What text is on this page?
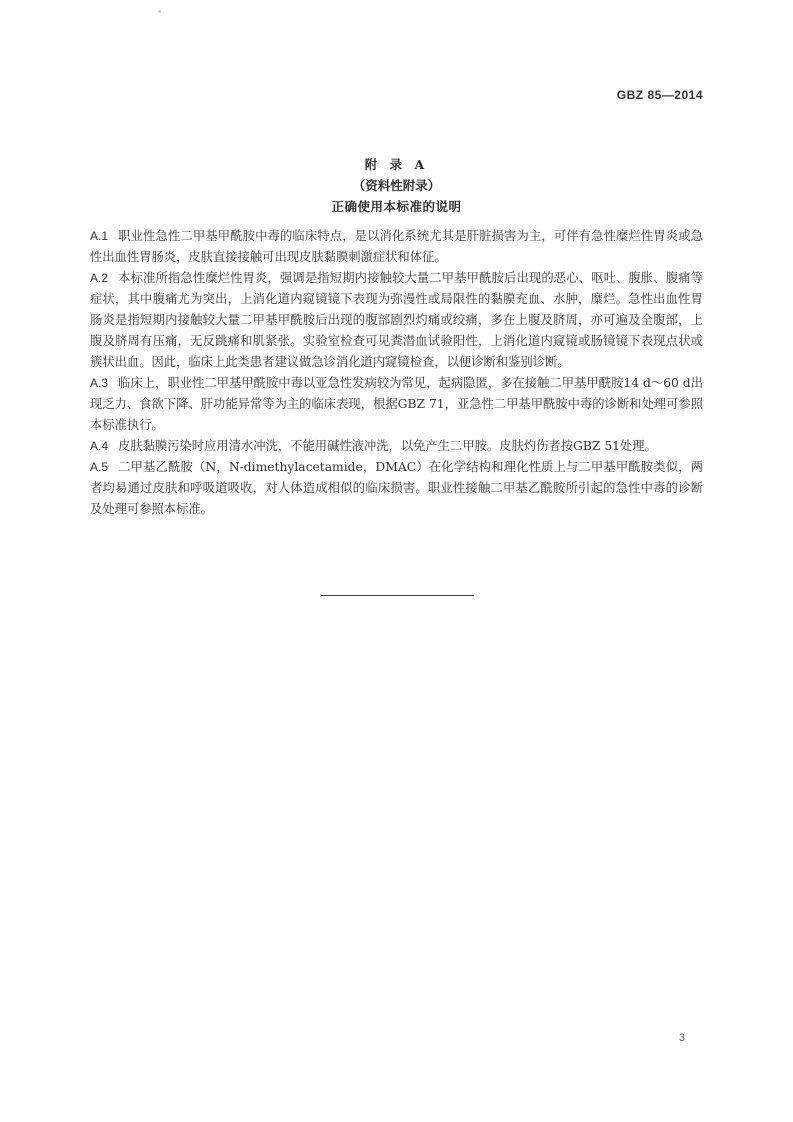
GBZ 85—2014
附 录 A
（资料性附录）
正确使用本标准的说明

A.1 职业性急性二甲基甲酰胺中毒的临床特点，是以消化系统尤其是肝脏损害为主，可伴有急性糜烂性胃炎或急性出血性胃肠炎，皮肤直接接触可出现皮肤黏膜刺激症状和体征。

A.2 本标准所指急性糜烂性胃炎，强调是指短期内接触较大量二甲基甲酰胺后出现的恶心、呕吐、腹胀、腹痛等症状，其中腹痛尤为突出，上消化道内窥镜镜下表现为弥漫性或局限性的黏膜充血、水肿，糜烂。急性出血性胃肠炎是指短期内接触较大量二甲基甲酰胺后出现的腹部剧烈灼痛或绞痛，多在上腹及脐周，亦可遍及全腹部，上腹及脐周有压痛，无反跳痛和肌紧张。实验室检查可见粪潜血试验阳性，上消化道内窥镜或肠镜镜下表现点状或簇状出血。因此，临床上此类患者建议做急诊消化道内窥镜检查，以便诊断和鉴别诊断。

A.3 临床上，职业性二甲基甲酰胺中毒以亚急性发病较为常见，起病隐匿，多在接触二甲基甲酰胺14 d～60 d出现乏力、食欲下降、肝功能异常等为主的临床表现，根据GBZ 71，亚急性二甲基甲酰胺中毒的诊断和处理可参照本标准执行。

A.4 皮肤黏膜污染时应用清水冲洗，不能用碱性液冲洗，以免产生二甲胺。皮肤灼伤者按GBZ 51处理。

A.5 二甲基乙酰胺（N，N-dimethylacetamide，DMAC）在化学结构和理化性质上与二甲基甲酰胺类似，两者均易通过皮肤和呼吸道吸收，对人体造成相似的临床损害。职业性接触二甲基乙酰胺所引起的急性中毒的诊断及处理可参照本标准。

3
